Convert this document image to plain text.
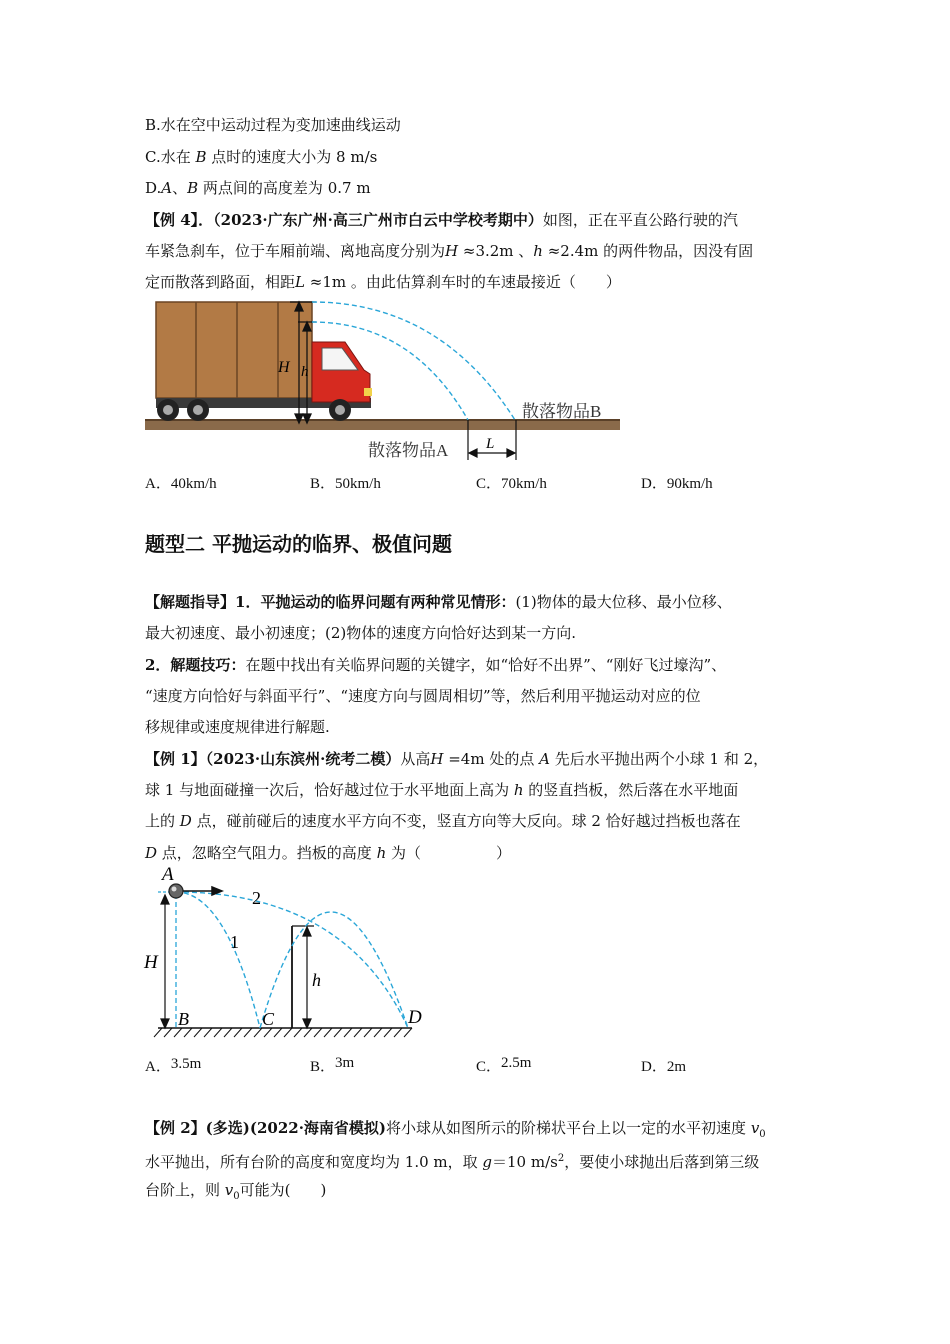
B.水在空中运动过程为变加速曲线运动
C.水在 B 点时的速度大小为 8 m/s
D.A、B 两点间的高度差为 0.7 m
【例 4】．（2023·广东广州·高三广州市白云中学校考期中）如图，正在平直公路行驶的汽
车紧急刹车，位于车厢前端、离地高度分别为H ≈3.2m 、h ≈2.4m 的两件物品，因没有固
定而散落到路面，相距L ≈1m 。由此估算刹车时的车速最接近（　　）
H h
L
散落物品A
散落物品B
A．40km/h	B．50km/h	C．70km/h	D．90km/h
题型二 平抛运动的临界、极值问题
【解题指导】1．平抛运动的临界问题有两种常见情形：(1)物体的最大位移、最小位移、
最大初速度、最小初速度；(2)物体的速度方向恰好达到某一方向.
2．解题技巧：在题中找出有关临界问题的关键字，如“恰好不出界”、“刚好飞过壕沟”、
“速度方向恰好与斜面平行”、“速度方向与圆周相切”等，然后利用平抛运动对应的位
移规律或速度规律进行解题.
【例 1】（2023·山东滨州·统考二模）从高H =4m 处的点 A 先后水平抛出两个小球 1 和 2，
球 1 与地面碰撞一次后，恰好越过位于水平地面上高为 h 的竖直挡板，然后落在水平地面
上的 D 点，碰前碰后的速度水平方向不变，竖直方向等大反向。球 2 恰好越过挡板也落在
D 点，忽略空气阻力。挡板的高度 h 为（　　　　　）
H
h
A
B	C	D
1
2
A．3.5m	B．3m	C．2.5m	D．2m
【例 2】(多选)(2022·海南省模拟)将小球从如图所示的阶梯状平台上以一定的水平初速度 $v_0$
水平抛出，所有台阶的高度和宽度均为 1.0 m，取 g＝10 $m/s^2$，要使小球抛出后落到第三级
台阶上，则 $v_0$可能为(　　)
